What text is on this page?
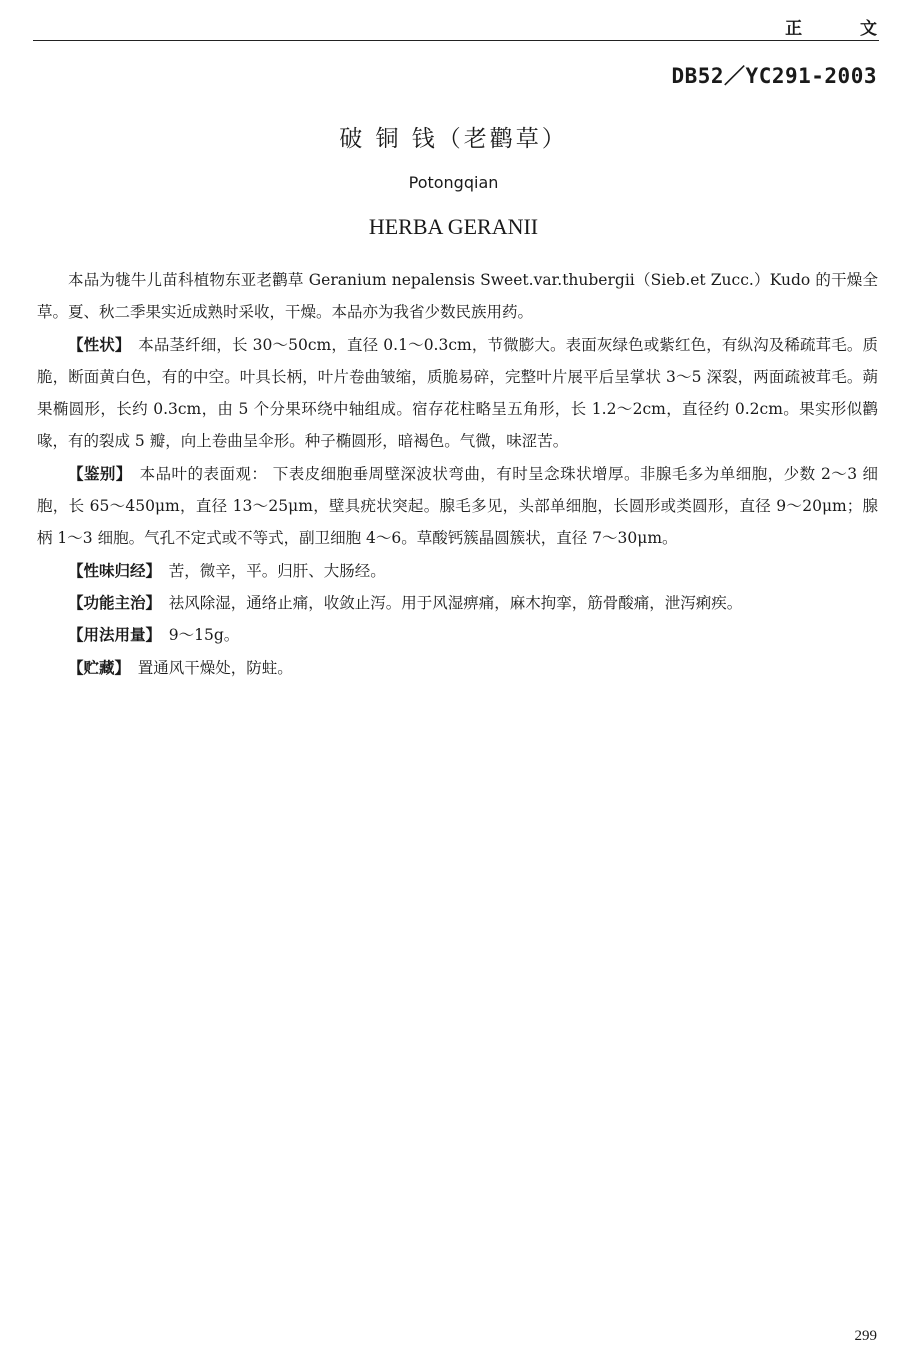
正 文
DB52／YC291-2003
破 铜 钱（老鹳草）
Potongqian
HERBA GERANII

本品为牻牛儿苗科植物东亚老鹳草 Geranium nepalensis Sweet.var.thubergii（Sieb.et Zucc.）Kudo 的干燥全草。夏、秋二季果实近成熟时采收，干燥。本品亦为我省少数民族用药。

【性状】 本品茎纤细，长 30～50cm，直径 0.1～0.3cm，节微膨大。表面灰绿色或紫红色，有纵沟及稀疏茸毛。质脆，断面黄白色，有的中空。叶具长柄，叶片卷曲皱缩，质脆易碎，完整叶片展平后呈掌状 3～5 深裂，两面疏被茸毛。蒴果椭圆形，长约 0.3cm，由 5 个分果环绕中轴组成。宿存花柱略呈五角形，长 1.2～2cm，直径约 0.2cm。果实形似鹳喙，有的裂成 5 瓣，向上卷曲呈伞形。种子椭圆形，暗褐色。气微，味涩苦。

【鉴别】 本品叶的表面观： 下表皮细胞垂周壁深波状弯曲，有时呈念珠状增厚。非腺毛多为单细胞，少数 2～3 细胞，长 65～450μm，直径 13～25μm，壁具疣状突起。腺毛多见，头部单细胞，长圆形或类圆形，直径 9～20μm；腺柄 1～3 细胞。气孔不定式或不等式，副卫细胞 4～6。草酸钙簇晶圆簇状，直径 7～30μm。

【性味归经】 苦，微辛，平。归肝、大肠经。

【功能主治】 祛风除湿，通络止痛，收敛止泻。用于风湿痹痛，麻木拘挛，筋骨酸痛，泄泻痢疾。

【用法用量】 9～15g。

【贮藏】 置通风干燥处，防蛀。

299
